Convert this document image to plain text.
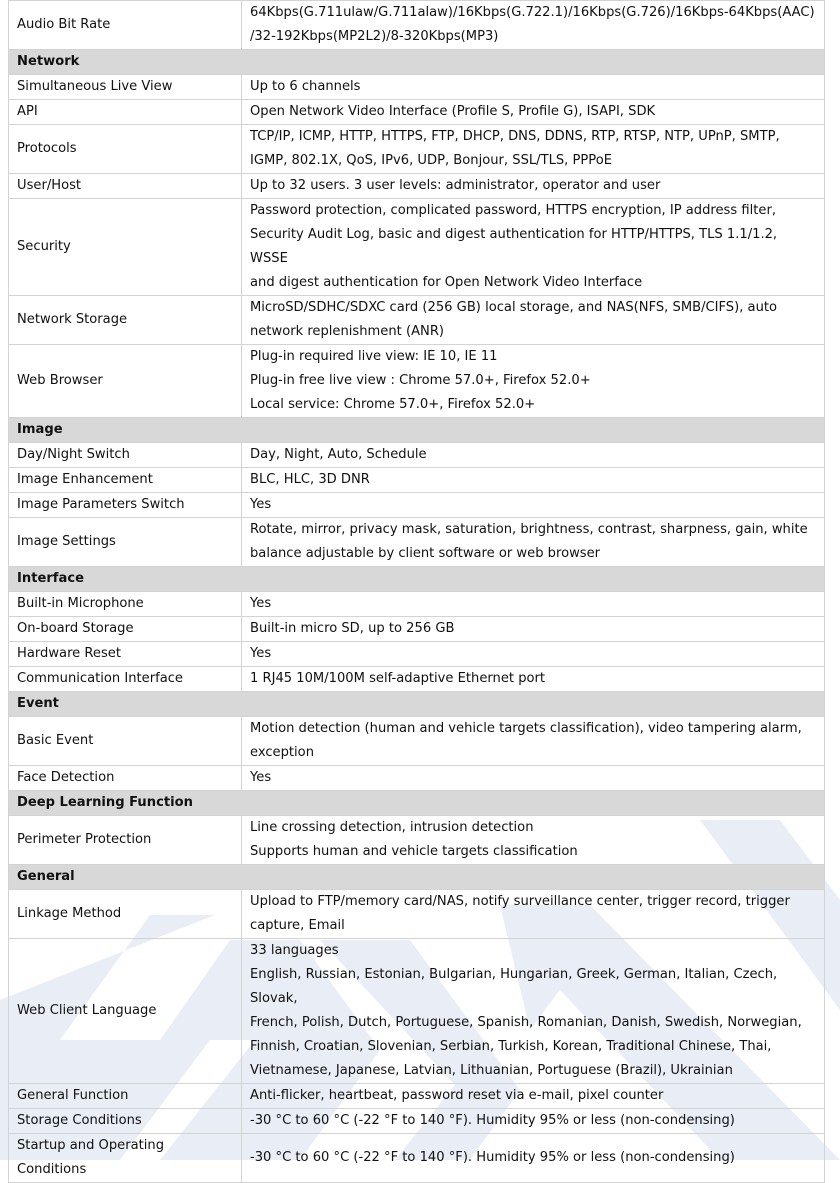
Audio Bit Rate	64Kbps(G.711ulaw/G.711alaw)/16Kbps(G.722.1)/16Kbps(G.726)/16Kbps-64Kbps(AAC)
/32-192Kbps(MP2L2)/8-320Kbps(MP3)

Network	
Simultaneous Live View	Up to 6 channels

API	Open Network Video Interface (Profile S, Profile G), ISAPI, SDK

Protocols	TCP/IP, ICMP, HTTP, HTTPS, FTP, DHCP, DNS, DDNS, RTP, RTSP, NTP, UPnP, SMTP,
IGMP, 802.1X, QoS, IPv6, UDP, Bonjour, SSL/TLS, PPPoE

User/Host	Up to 32 users. 3 user levels: administrator, operator and user

Security	Password protection, complicated password, HTTPS encryption, IP address filter,
Security Audit Log, basic and digest authentication for HTTP/HTTPS, TLS 1.1/1.2, WSSE
and digest authentication for Open Network Video Interface

Network Storage	MicroSD/SDHC/SDXC card (256 GB) local storage, and NAS(NFS, SMB/CIFS), auto
network replenishment (ANR)

Web Browser	Plug-in required live view: IE 10, IE 11
Plug-in free live view : Chrome 57.0+, Firefox 52.0+
Local service: Chrome 57.0+, Firefox 52.0+

Image	
Day/Night Switch	Day, Night, Auto, Schedule

Image Enhancement	BLC, HLC, 3D DNR

Image Parameters Switch	Yes

Image Settings	Rotate, mirror, privacy mask, saturation, brightness, contrast, sharpness, gain, white
balance adjustable by client software or web browser

Interface	
Built-in Microphone	Yes

On-board Storage	Built-in micro SD, up to 256 GB

Hardware Reset	Yes

Communication Interface	1 RJ45 10M/100M self-adaptive Ethernet port

Event	
Basic Event	Motion detection (human and vehicle targets classification), video tampering alarm,
exception

Face Detection	Yes

Deep Learning Function	
Perimeter Protection	Line crossing detection, intrusion detection
Supports human and vehicle targets classification

General	
Linkage Method	Upload to FTP/memory card/NAS, notify surveillance center, trigger record, trigger
capture, Email

Web Client Language	33 languages
English, Russian, Estonian, Bulgarian, Hungarian, Greek, German, Italian, Czech, Slovak,
French, Polish, Dutch, Portuguese, Spanish, Romanian, Danish, Swedish, Norwegian,
Finnish, Croatian, Slovenian, Serbian, Turkish, Korean, Traditional Chinese, Thai,
Vietnamese, Japanese, Latvian, Lithuanian, Portuguese (Brazil), Ukrainian

General Function	Anti-flicker, heartbeat, password reset via e-mail, pixel counter

Storage Conditions	-30 °C to 60 °C (-22 °F to 140 °F). Humidity 95% or less (non-condensing)

Startup and Operating
Conditions	-30 °C to 60 °C (-22 °F to 140 °F). Humidity 95% or less (non-condensing)
